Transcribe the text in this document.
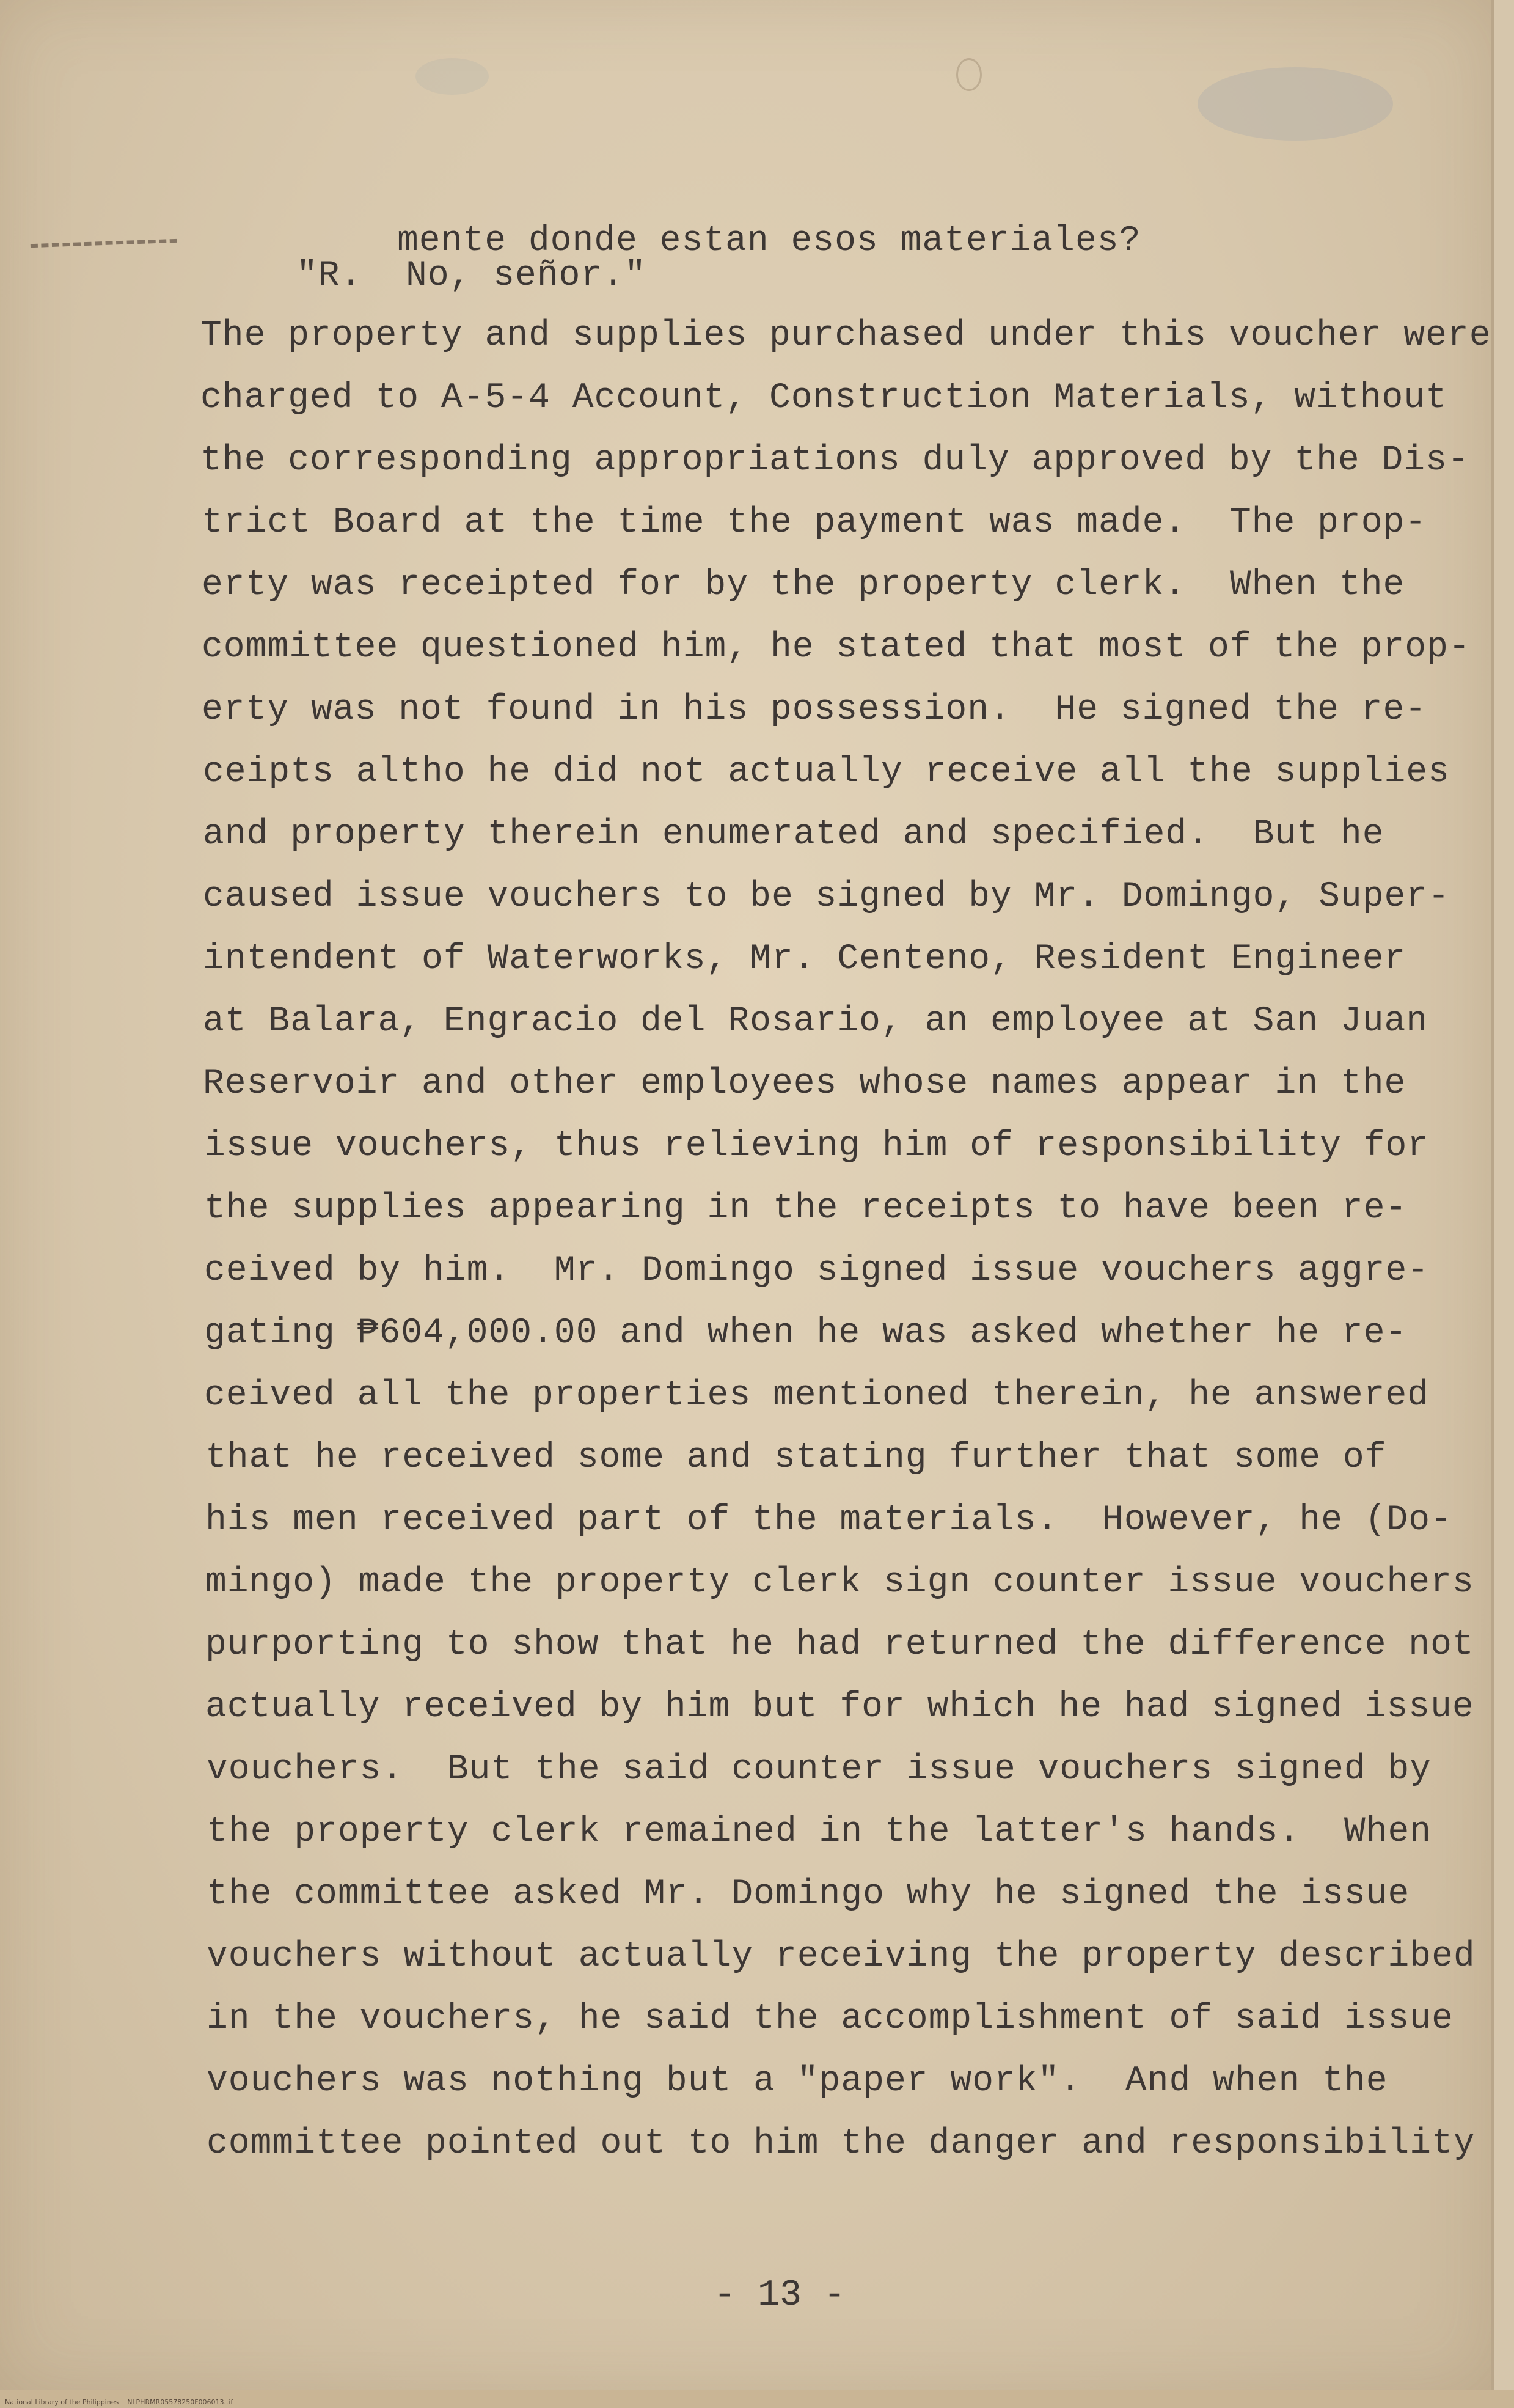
mente donde estan esos materiales?
"R.  No, señor."
The property and supplies purchased under this voucher were
charged to A-5-4 Account, Construction Materials, without
the corresponding appropriations duly approved by the Dis-
trict Board at the time the payment was made.  The prop-
erty was receipted for by the property clerk.  When the
committee questioned him, he stated that most of the prop-
erty was not found in his possession.  He signed the re-
ceipts altho he did not actually receive all the supplies
and property therein enumerated and specified.  But he
caused issue vouchers to be signed by Mr. Domingo, Super-
intendent of Waterworks, Mr. Centeno, Resident Engineer
at Balara, Engracio del Rosario, an employee at San Juan
Reservoir and other employees whose names appear in the
issue vouchers, thus relieving him of responsibility for
the supplies appearing in the receipts to have been re-
ceived by him.  Mr. Domingo signed issue vouchers aggre-
gating ₱604,000.00 and when he was asked whether he re-
ceived all the properties mentioned therein, he answered
that he received some and stating further that some of
his men received part of the materials.  However, he (Do-
mingo) made the property clerk sign counter issue vouchers
purporting to show that he had returned the difference not
actually received by him but for which he had signed issue
vouchers.  But the said counter issue vouchers signed by
the property clerk remained in the latter's hands.  When
the committee asked Mr. Domingo why he signed the issue
vouchers without actually receiving the property described
in the vouchers, he said the accomplishment of said issue
vouchers was nothing but a "paper work".  And when the
committee pointed out to him the danger and responsibility
- 13 -
National Library of the Philippines    NLPHRMR05578250F006013.tif
